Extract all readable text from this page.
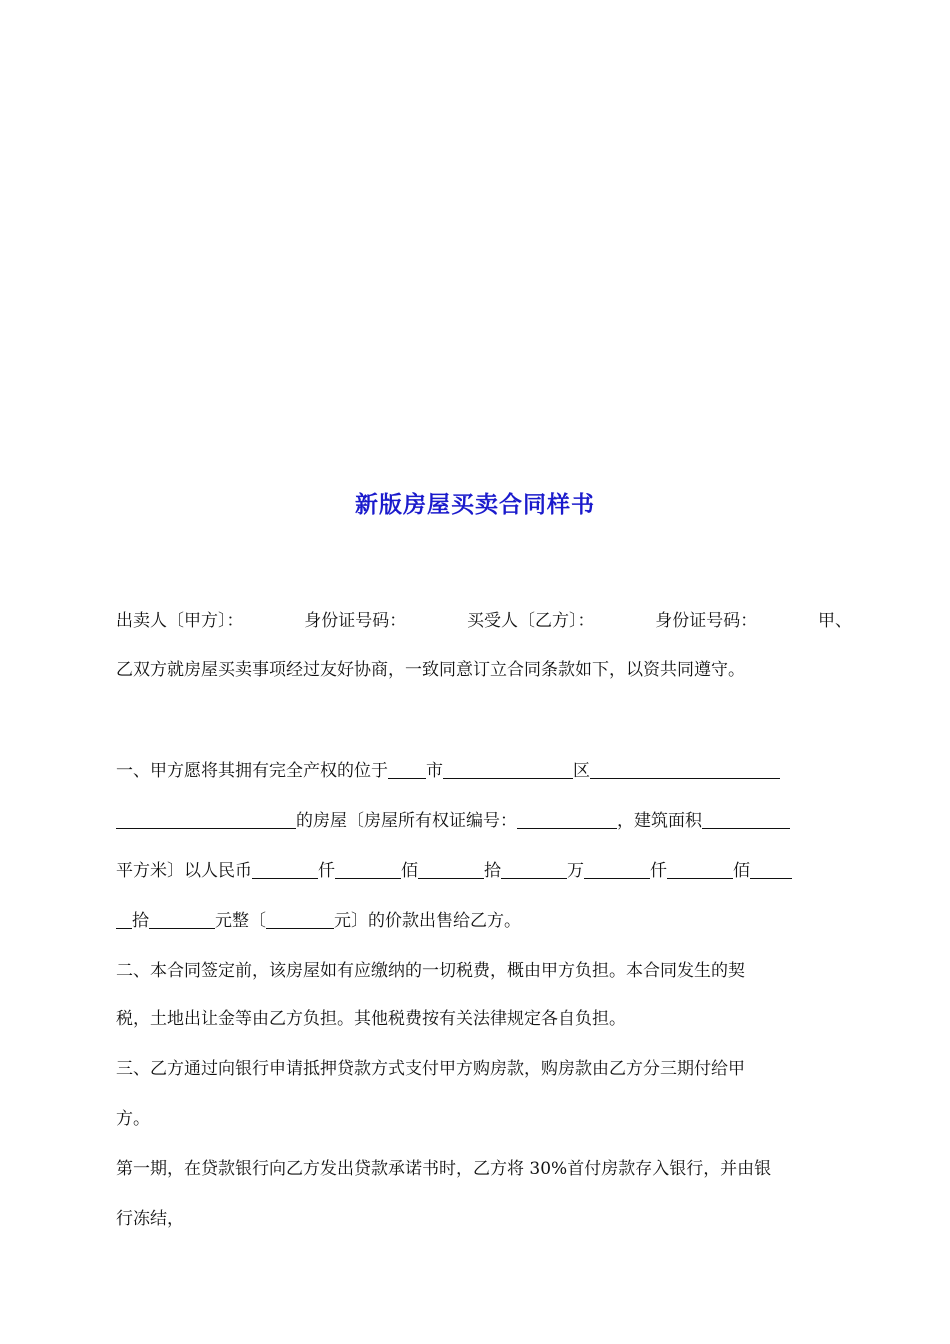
新版房屋买卖合同样书
出卖人〔甲方〕：	身份证号码：	买受人〔乙方〕：	身份证号码：	甲、
乙双方就房屋买卖事项经过友好协商，一致同意订立合同条款如下，以资共同遵守。
一、甲方愿将其拥有完全产权的位于 市	区
的房屋〔房屋所有权证编号：	，建筑面积
平方米〕以人民币	仟	佰	拾	万	仟	佰
拾	元整〔	元〕的价款出售给乙方。
二、本合同签定前，该房屋如有应缴纳的一切税费，概由甲方负担。本合同发生的契
税，土地出让金等由乙方负担。其他税费按有关法律规定各自负担。
三、乙方通过向银行申请抵押贷款方式支付甲方购房款，购房款由乙方分三期付给甲
方。
第一期，在贷款银行向乙方发出贷款承诺书时，乙方将 30%首付房款存入银行，并由银
行冻结，
